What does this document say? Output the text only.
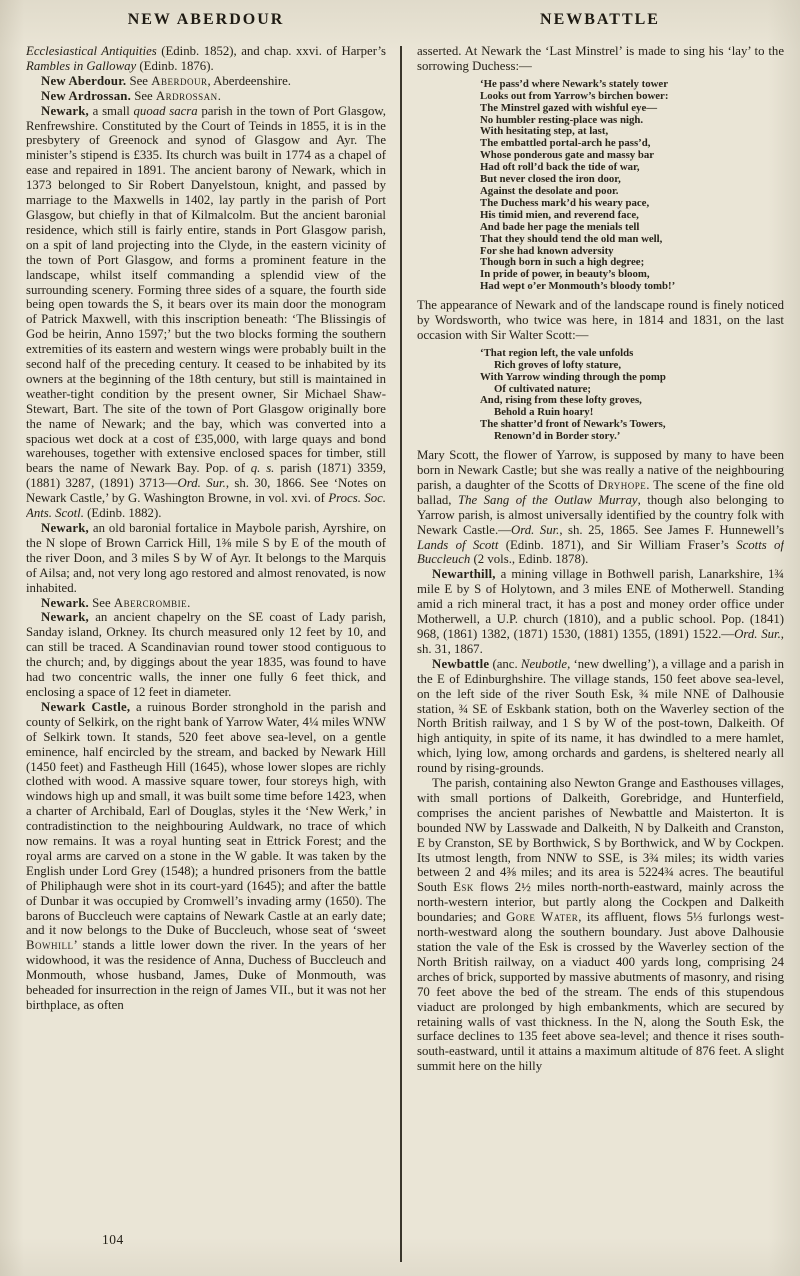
NEW ABERDOUR	NEWBATTLE

Ecclesiastical Antiquities (Edinb. 1852), and chap. xxvi. of Harper’s Rambles in Galloway (Edinb. 1876).

New Aberdour. See Aberdour, Aberdeenshire.

New Ardrossan. See Ardrossan.

Newark, a small quoad sacra parish in the town of Port Glasgow, Renfrewshire. Constituted by the Court of Teinds in 1855, it is in the presbytery of Greenock and synod of Glasgow and Ayr. The minister’s stipend is £335. Its church was built in 1774 as a chapel of ease and repaired in 1891. The ancient barony of Newark, which in 1373 belonged to Sir Robert Danyelstoun, knight, and passed by marriage to the Maxwells in 1402, lay partly in the parish of Port Glasgow, but chiefly in that of Kilmalcolm. But the ancient baronial residence, which still is fairly entire, stands in Port Glasgow parish, on a spit of land projecting into the Clyde, in the eastern vicinity of the town of Port Glasgow, and forms a prominent feature in the landscape, whilst itself commanding a splendid view of the surrounding scenery. Forming three sides of a square, the fourth side being open towards the S, it bears over its main door the monogram of Patrick Maxwell, with this inscription beneath: ‘The Blissingis of God be heirin, Anno 1597;’ but the two blocks forming the southern extremities of its eastern and western wings were probably built in the second half of the preceding century. It ceased to be inhabited by its owners at the beginning of the 18th century, but still is maintained in weather-tight condition by the present owner, Sir Michael Shaw-Stewart, Bart. The site of the town of Port Glasgow originally bore the name of Newark; and the bay, which was converted into a spacious wet dock at a cost of £35,000, with large quays and bond warehouses, together with extensive enclosed spaces for timber, still bears the name of Newark Bay. Pop. of q. s. parish (1871) 3359, (1881) 3287, (1891) 3713—Ord. Sur., sh. 30, 1866. See ‘Notes on Newark Castle,’ by G. Washington Browne, in vol. xvi. of Procs. Soc. Ants. Scotl. (Edinb. 1882).

Newark, an old baronial fortalice in Maybole parish, Ayrshire, on the N slope of Brown Carrick Hill, 1⅜ mile S by E of the mouth of the river Doon, and 3 miles S by W of Ayr. It belongs to the Marquis of Ailsa; and, not very long ago restored and almost renovated, is now inhabited.

Newark. See Abercrombie.

Newark, an ancient chapelry on the SE coast of Lady parish, Sanday island, Orkney. Its church measured only 12 feet by 10, and can still be traced. A Scandinavian round tower stood contiguous to the church; and, by diggings about the year 1835, was found to have had two concentric walls, the inner one fully 6 feet thick, and enclosing a space of 12 feet in diameter.

Newark Castle, a ruinous Border stronghold in the parish and county of Selkirk, on the right bank of Yarrow Water, 4¼ miles WNW of Selkirk town. It stands, 520 feet above sea-level, on a gentle eminence, half encircled by the stream, and backed by Newark Hill (1450 feet) and Fastheugh Hill (1645), whose lower slopes are richly clothed with wood. A massive square tower, four storeys high, with windows high up and small, it was built some time before 1423, when a charter of Archibald, Earl of Douglas, styles it the ‘New Werk,’ in contradistinction to the neighbouring Auldwark, no trace of which now remains. It was a royal hunting seat in Ettrick Forest; and the royal arms are carved on a stone in the W gable. It was taken by the English under Lord Grey (1548); a hundred prisoners from the battle of Philiphaugh were shot in its court-yard (1645); and after the battle of Dunbar it was occupied by Cromwell’s invading army (1650). The barons of Buccleuch were captains of Newark Castle at an early date; and it now belongs to the Duke of Buccleuch, whose seat of ‘sweet Bowhill’ stands a little lower down the river. In the years of her widowhood, it was the residence of Anna, Duchess of Buccleuch and Monmouth, whose husband, James, Duke of Monmouth, was beheaded for insurrection in the reign of James VII., but it was not her birthplace, as often

asserted. At Newark the ‘Last Minstrel’ is made to sing his ‘lay’ to the sorrowing Duchess:—

‘He pass’d where Newark’s stately tower
Looks out from Yarrow’s birchen bower:
The Minstrel gazed with wishful eye—
No humbler resting-place was nigh.
With hesitating step, at last,
The embattled portal-arch he pass’d,
Whose ponderous gate and massy bar
Had oft roll’d back the tide of war,
But never closed the iron door,
Against the desolate and poor.
The Duchess mark’d his weary pace,
His timid mien, and reverend face,
And bade her page the menials tell
That they should tend the old man well,
For she had known adversity
Though born in such a high degree;
In pride of power, in beauty’s bloom,
Had wept o’er Monmouth’s bloody tomb!’

The appearance of Newark and of the landscape round is finely noticed by Wordsworth, who twice was here, in 1814 and 1831, on the last occasion with Sir Walter Scott:—

‘That region left, the vale unfolds
Rich groves of lofty stature,
With Yarrow winding through the pomp
Of cultivated nature;
And, rising from these lofty groves,
Behold a Ruin hoary!
The shatter’d front of Newark’s Towers,
Renown’d in Border story.’

Mary Scott, the flower of Yarrow, is supposed by many to have been born in Newark Castle; but she was really a native of the neighbouring parish, a daughter of the Scotts of Dryhope. The scene of the fine old ballad, The Sang of the Outlaw Murray, though also belonging to Yarrow parish, is almost universally identified by the country folk with Newark Castle.—Ord. Sur., sh. 25, 1865. See James F. Hunnewell’s Lands of Scott (Edinb. 1871), and Sir William Fraser’s Scotts of Buccleuch (2 vols., Edinb. 1878).

Newarthill, a mining village in Bothwell parish, Lanarkshire, 1¾ mile E by S of Holytown, and 3 miles ENE of Motherwell. Standing amid a rich mineral tract, it has a post and money order office under Motherwell, a U.P. church (1810), and a public school. Pop. (1841) 968, (1861) 1382, (1871) 1530, (1881) 1355, (1891) 1522.—Ord. Sur., sh. 31, 1867.

Newbattle (anc. Neubotle, ‘new dwelling’), a village and a parish in the E of Edinburghshire. The village stands, 150 feet above sea-level, on the left side of the river South Esk, ¾ mile NNE of Dalhousie station, ¾ SE of Eskbank station, both on the Waverley section of the North British railway, and 1 S by W of the post-town, Dalkeith. Of high antiquity, in spite of its name, it has dwindled to a mere hamlet, which, lying low, among orchards and gardens, is sheltered nearly all round by rising-grounds.

The parish, containing also Newton Grange and Easthouses villages, with small portions of Dalkeith, Gorebridge, and Hunterfield, comprises the ancient parishes of Newbattle and Maisterton. It is bounded NW by Lasswade and Dalkeith, N by Dalkeith and Cranston, E by Cranston, SE by Borthwick, S by Borthwick, and W by Cockpen. Its utmost length, from NNW to SSE, is 3¾ miles; its width varies between 2 and 4⅜ miles; and its area is 5224¾ acres. The beautiful South Esk flows 2½ miles north-north-eastward, mainly across the north-western interior, but partly along the Cockpen and Dalkeith boundaries; and Gore Water, its affluent, flows 5⅓ furlongs west-north-westward along the southern boundary. Just above Dalhousie station the vale of the Esk is crossed by the Waverley section of the North British railway, on a viaduct 400 yards long, comprising 24 arches of brick, supported by massive abutments of masonry, and rising 70 feet above the bed of the stream. The ends of this stupendous viaduct are prolonged by high embankments, which are secured by retaining walls of vast thickness. In the N, along the South Esk, the surface declines to 135 feet above sea-level; and thence it rises south-south-eastward, until it attains a maximum altitude of 876 feet. A slight summit here on the hilly

104
